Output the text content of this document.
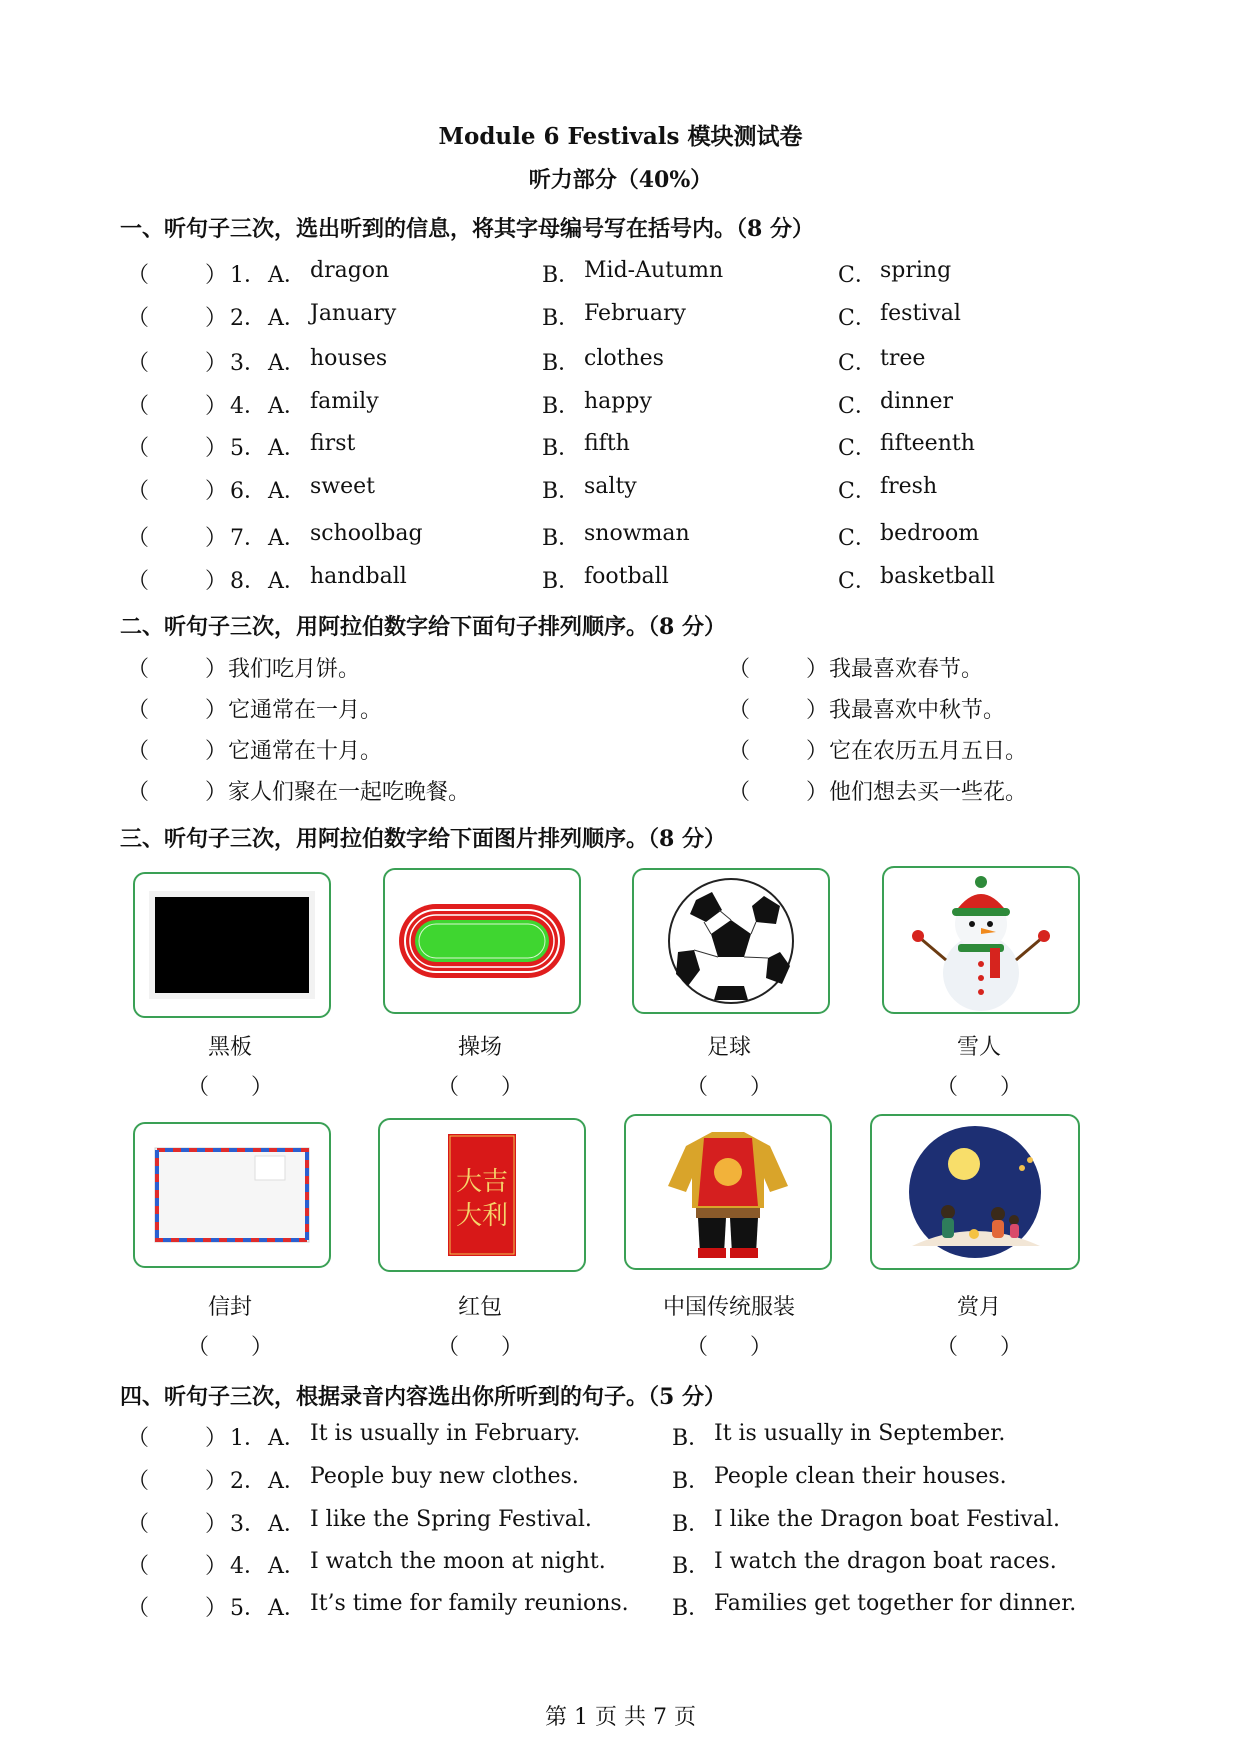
Module 6 Festivals 模块测试卷
听力部分（40%）
一、听句子三次，选出听到的信息，将其字母编号写在括号内。（8 分）
（	） 1． A． dragon	B． Mid-Autumn	C． spring
（	） 2． A． January	B． February	C． festival
（	） 3． A． houses	B． clothes	C． tree
（	） 4． A． family	B． happy	C． dinner
（	） 5． A． first	B． fifth	C． fifteenth
（	） 6． A． sweet	B． salty	C． fresh
（	） 7． A． schoolbag	B． snowman	C． bedroom
（	） 8． A． handball	B． football	C． basketball
二、听句子三次，用阿拉伯数字给下面句子排列顺序。（8 分）
（	） 我们吃月饼。	（	） 我最喜欢春节。
（	） 它通常在一月。	（	） 我最喜欢中秋节。
（	） 它通常在十月。	（	） 它在农历五月五日。
（	） 家人们聚在一起吃晚餐。	（	） 他们想去买一些花。
三、听句子三次，用阿拉伯数字给下面图片排列顺序。（8 分）
黑板	操场	足球	雪人
（ ）	（ ）	（ ）	（ ）
大吉
大利
信封	红包	中国传统服装	赏月
（ ）	（ ）	（ ）	（ ）
四、听句子三次，根据录音内容选出你所听到的句子。（5 分）
（	） 1． A． It is usually in February.	B． It is usually in September.
（	） 2． A． People buy new clothes.	B． People clean their houses.
（	） 3． A． I like the Spring Festival.	B． I like the Dragon boat Festival.
（	） 4． A． I watch the moon at night.	B． I watch the dragon boat races.
（	） 5． A． It’s time for family reunions. B． Families get together for dinner.
第 1 页 共 7 页
